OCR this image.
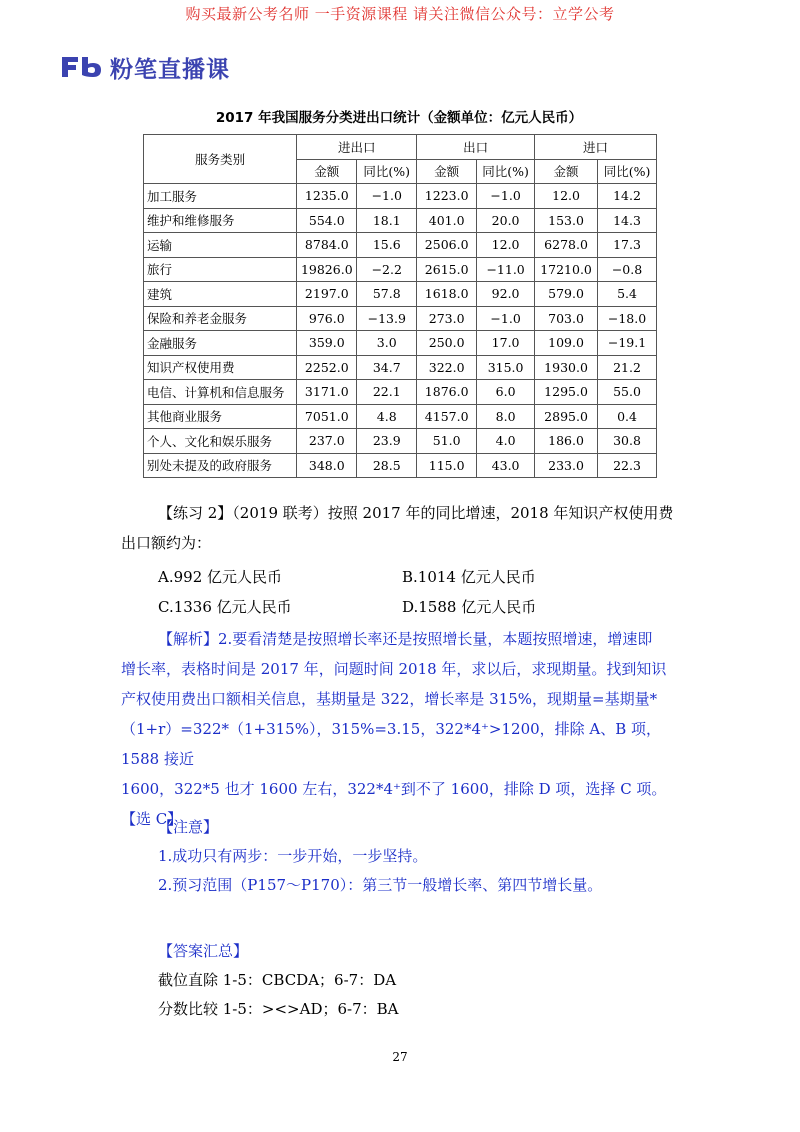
购买最新公考名师 一手资源课程 请关注微信公众号：立学公考
粉笔直播课
2017 年我国服务分类进出口统计（金额单位：亿元人民币）
服务类别	进出口		出口		进口	
	金额	同比(%)	金额	同比(%)	金额	同比(%)
加工服务	1235.0	−1.0	1223.0	−1.0	12.0	14.2
维护和维修服务	554.0	18.1	401.0	20.0	153.0	14.3
运输	8784.0	15.6	2506.0	12.0	6278.0	17.3
旅行	19826.0	−2.2	2615.0	−11.0	17210.0	−0.8
建筑	2197.0	57.8	1618.0	92.0	579.0	5.4
保险和养老金服务	976.0	−13.9	273.0	−1.0	703.0	−18.0
金融服务	359.0	3.0	250.0	17.0	109.0	−19.1
知识产权使用费	2252.0	34.7	322.0	315.0	1930.0	21.2
电信、计算机和信息服务	3171.0	22.1	1876.0	6.0	1295.0	55.0
其他商业服务	7051.0	4.8	4157.0	8.0	2895.0	0.4
个人、文化和娱乐服务	237.0	23.9	51.0	4.0	186.0	30.8
别处未提及的政府服务	348.0	28.5	115.0	43.0	233.0	22.3
【练习 2】（2019 联考）按照 2017 年的同比增速，2018 年知识产权使用费
出口额约为：
A.992 亿元人民币	B.1014 亿元人民币
C.1336 亿元人民币	D.1588 亿元人民币
【解析】2.要看清楚是按照增长率还是按照增长量，本题按照增速，增速即
增长率，表格时间是 2017 年，问题时间 2018 年，求以后，求现期量。找到知识
产权使用费出口额相关信息，基期量是 322，增长率是 315%，现期量=基期量*
（1+r）=322*（1+315%），315%=3.15，322*4⁺>1200，排除 A、B 项，1588 接近
1600，322*5 也才 1600 左右，322*4⁺到不了 1600，排除 D 项，选择 C 项。【选 C】
【注意】
1.成功只有两步：一步开始，一步坚持。
2.预习范围（P157～P170）：第三节一般增长率、第四节增长量。
【答案汇总】
截位直除 1-5：CBCDA；6-7：DA
分数比较 1-5：><>AD；6-7：BA
27
